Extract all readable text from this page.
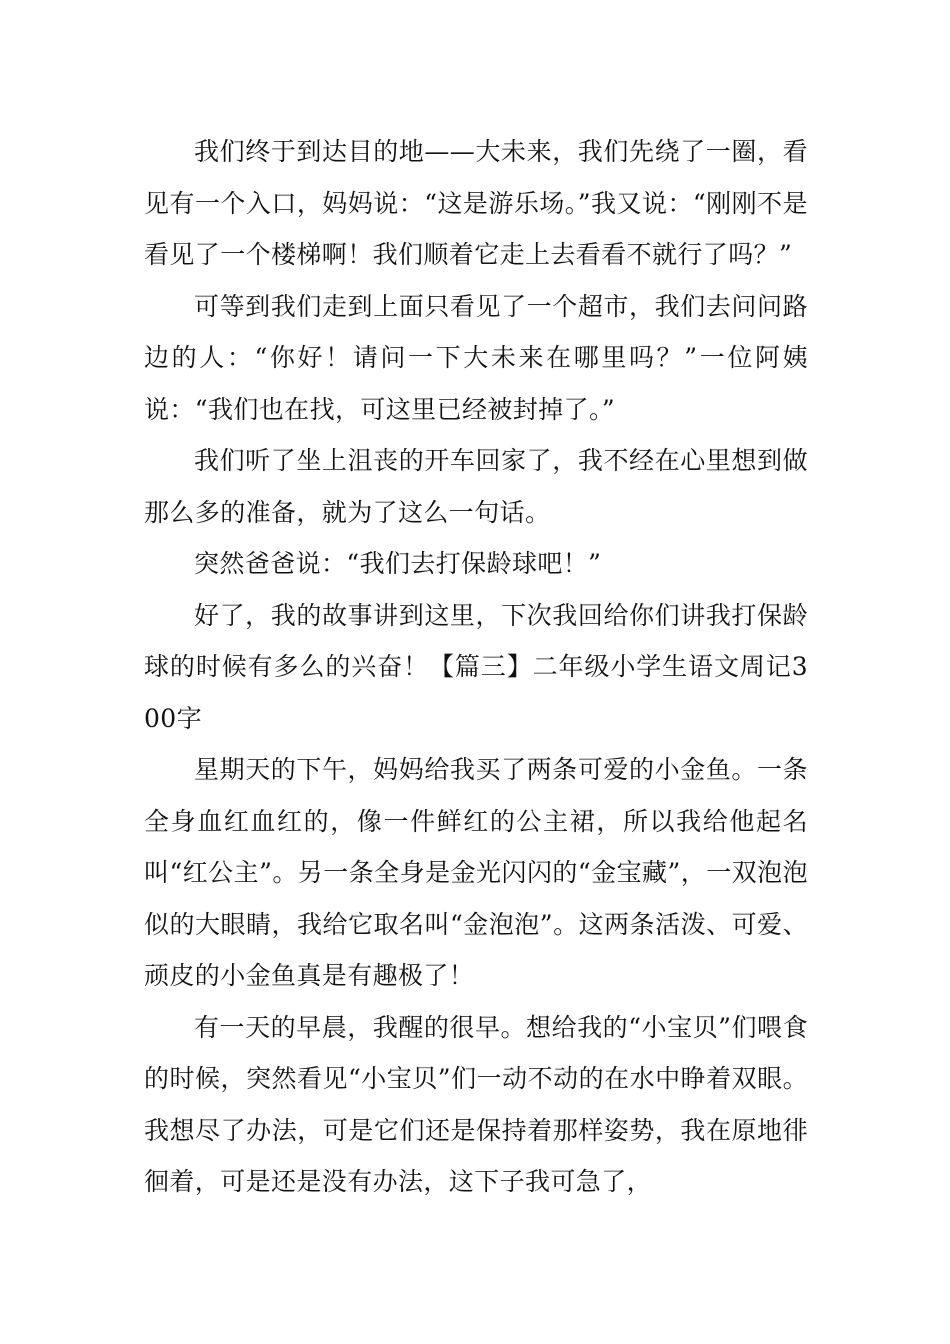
我们终于到达目的地——大未来，我们先绕了一圈，看见有一个入口，妈妈说：“这是游乐场。”我又说：“刚刚不是看见了一个楼梯啊！我们顺着它走上去看看不就行了吗？”

可等到我们走到上面只看见了一个超市，我们去问问路边的人：“你好！请问一下大未来在哪里吗？”一位阿姨说：“我们也在找，可这里已经被封掉了。”

我们听了坐上沮丧的开车回家了，我不经在心里想到做那么多的准备，就为了这么一句话。

突然爸爸说：“我们去打保龄球吧！”

好了，我的故事讲到这里，下次我回给你们讲我打保龄球的时候有多么的兴奋！【篇三】二年级小学生语文周记300字

星期天的下午，妈妈给我买了两条可爱的小金鱼。一条全身血红血红的，像一件鲜红的公主裙，所以我给他起名叫“红公主”。另一条全身是金光闪闪的“金宝藏”，一双泡泡似的大眼睛，我给它取名叫“金泡泡”。这两条活泼、可爱、顽皮的小金鱼真是有趣极了！

有一天的早晨，我醒的很早。想给我的“小宝贝”们喂食的时候，突然看见“小宝贝”们一动不动的在水中睁着双眼。我想尽了办法，可是它们还是保持着那样姿势，我在原地徘徊着，可是还是没有办法，这下子我可急了，
